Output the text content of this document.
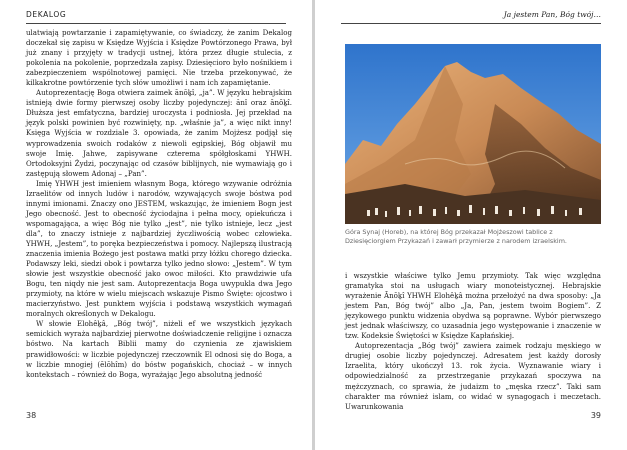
DEKALOG

ulatwiają powtarzanie i zapamiętywanie, co świadczy, że zanim Dekalog doczekał się zapisu w Księdze Wyjścia i Księdze Powtórzonego Prawa, był już znany i przyjęty w tradycji ustnej, która przez długie stulecia, z pokolenia na pokolenie, poprzedzała zapisy. Dziesięcioro było nośnikiem i zabezpieczeniem wspólnotowej pamięci. Nie trzeba przekonywać, że kilkakrotne powtórzenie tych słów umożliwi i nam ich zapamiętanie.

Autoprezentację Boga otwiera zaimek ānōḵî, „ja”. W języku hebrajskim istnieją dwie formy pierwszej osoby liczby pojedynczej: ănî oraz ānōḵî. Dłuższa jest emfatyczna, bardziej uroczysta i podniosła. Jej przekład na język polski powinien być rozwinięty, np. „właśnie ja”, a więc nikt inny! Księga Wyjścia w rozdziale 3. opowiada, że zanim Mojżesz podjął się wyprowadzenia swoich rodaków z niewoli egipskiej, Bóg objawił mu swoje Imię. Jahwe, zapisywane czterema spółgłoskami YHWH. Ortodoksyjni Żydzi, poczynając od czasów biblijnych, nie wymawiają go i zastępują słowem Adonaj – „Pan”.

Imię YHWH jest imieniem własnym Boga, którego wzywanie odróżnia Izraelitów od innych ludów i narodów, wzywających swoje bóstwa pod innymi imionami. Znaczy ono JESTEM, wskazując, że imieniem Bogn jest Jego obecność. Jest to obecność życiodajna i pełna mocy, opiekuńcza i wspomagająca, a więc Bóg nie tylko „jest”, nie tylko istnieje, lecz „jest dla”, to znaczy istnieje z najbardziej życzliwością wobec człowieka. YHWH, „Jestem”, to poręka bezpieczeństwa i pomocy. Najlepszą ilustracją znaczenia imienia Bożego jest postawa matki przy łóżku chorego dziecka. Podawszy leki, siedzi obok i powtarza tylko jedno słowo: „Jestem”. W tym słowie jest wszystkie obecność jako owoc miłości. Kto prawdziwie ufa Bogu, ten niqdy nie jest sam. Autoprezentacja Boga uwypukla dwa Jego przymioty, na które w wielu miejscach wskazuje Pismo Święte: ojcostwo i macierzyństwo. Jest punktem wyjścia i podstawą wszystkich wymagań moralnych określonych w Dekalogu.

W słowie Elohêḵâ, „Bóg twój”, niżeli ef we wszystkich językach semickich wyraża najbardziej pierwotne doświadczenie religijne i oznacza bóstwo. Na kartach Biblii mamy do czynienia ze zjawiskiem prawidłowości: w liczbie pojedynczej rzeczownik El odnosi się do Boga, a w liczbie mnogiej (ēlōhîm) do bóstw pogańskich, chociaż – w innych kontekstach – również do Boga, wyrażając Jego absolutną jedność

38
Ja jestem Pan, Bóg twój…
Góra Synaj (Horeb), na której Bóg przekazał Mojżeszowi tablice z Dziesięciorgiem Przykazań i zawarł przymierze z narodem izraelskim.

i wszystkie właściwe tylko Jemu przymioty. Tak więc względna gramatyka stoi na usługach wiary monoteistycznej. Hebrajskie wyrażenie Ānōḵî YHWH Elohêḵâ można przełożyć na dwa sposoby: „Ja jestem Pan, Bóg twój” albo „Ja, Pan, jestem twoim Bogiem”. Z językowego punktu widzenia obydwa są poprawne. Wybór pierwszego jest jednak właściwszy, co uzasadnia jego występowanie i znaczenie w tzw. Kodeksie Świętości w Księdze Kapłańskiej.

Autoprezentacja „Bóg twój” zawiera zaimek rodzaju męskiego w drugiej osobie liczby pojedynczej. Adresatem jest każdy dorosły Izraelita, który ukończył 13. rok życia. Wyznawanie wiary i odpowiedzialność za przestrzeganie przykazań spoczywa na mężczyznach, co sprawia, że judaizm to „męska rzecz”. Taki sam charakter ma również islam, co widać w synagogach i meczetach. Uwarunkowania

39
